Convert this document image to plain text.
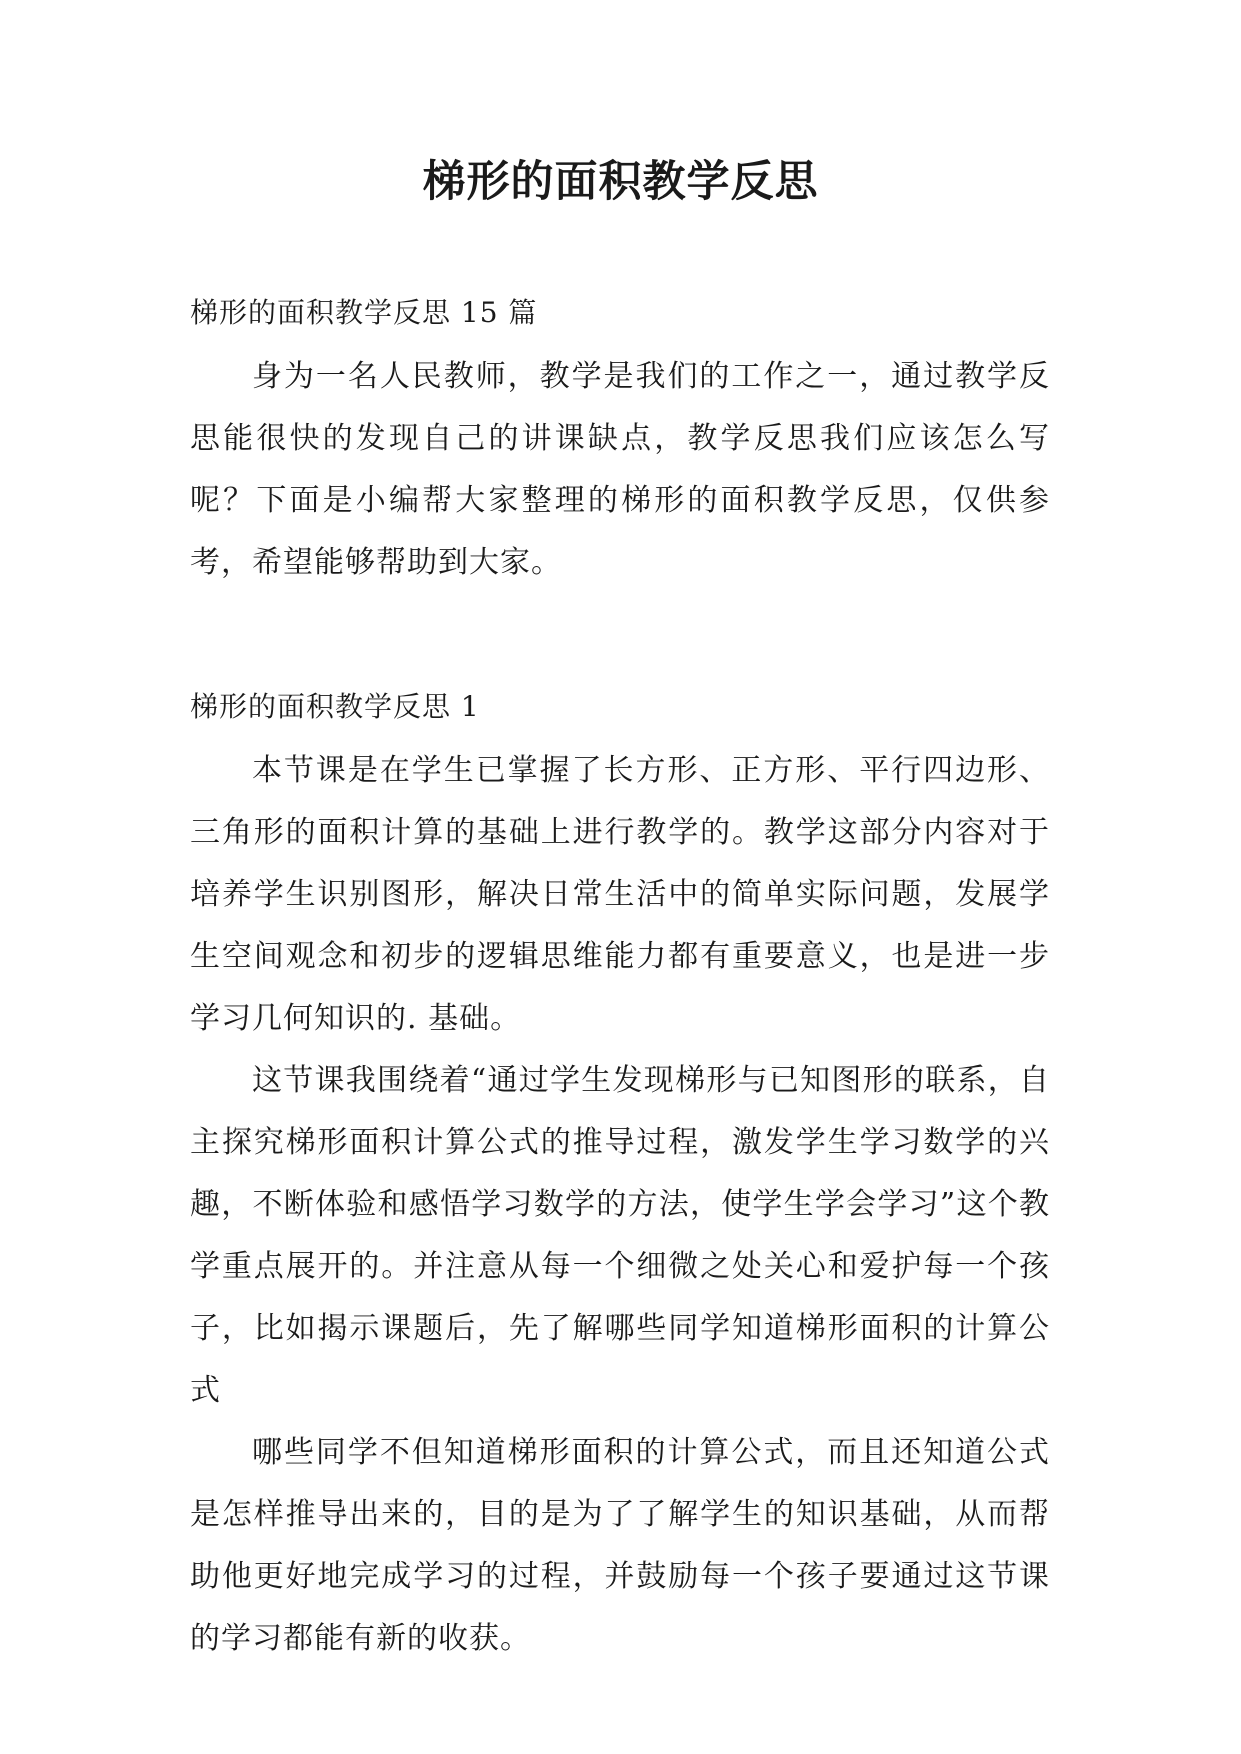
梯形的面积教学反思

梯形的面积教学反思 15 篇

身为一名人民教师，教学是我们的工作之一，通过教学反思能很快的发现自己的讲课缺点，教学反思我们应该怎么写呢？下面是小编帮大家整理的梯形的面积教学反思，仅供参考，希望能够帮助到大家。

梯形的面积教学反思 1

本节课是在学生已掌握了长方形、正方形、平行四边形、三角形的面积计算的基础上进行教学的。教学这部分内容对于培养学生识别图形，解决日常生活中的简单实际问题，发展学生空间观念和初步的逻辑思维能力都有重要意义，也是进一步学习几何知识的. 基础。

这节课我围绕着“通过学生发现梯形与已知图形的联系，自主探究梯形面积计算公式的推导过程，激发学生学习数学的兴趣，不断体验和感悟学习数学的方法，使学生学会学习”这个教学重点展开的。并注意从每一个细微之处关心和爱护每一个孩子，比如揭示课题后，先了解哪些同学知道梯形面积的计算公式

哪些同学不但知道梯形面积的计算公式，而且还知道公式是怎样推导出来的，目的是为了了解学生的知识基础，从而帮助他更好地完成学习的过程，并鼓励每一个孩子要通过这节课的学习都能有新的收获。
